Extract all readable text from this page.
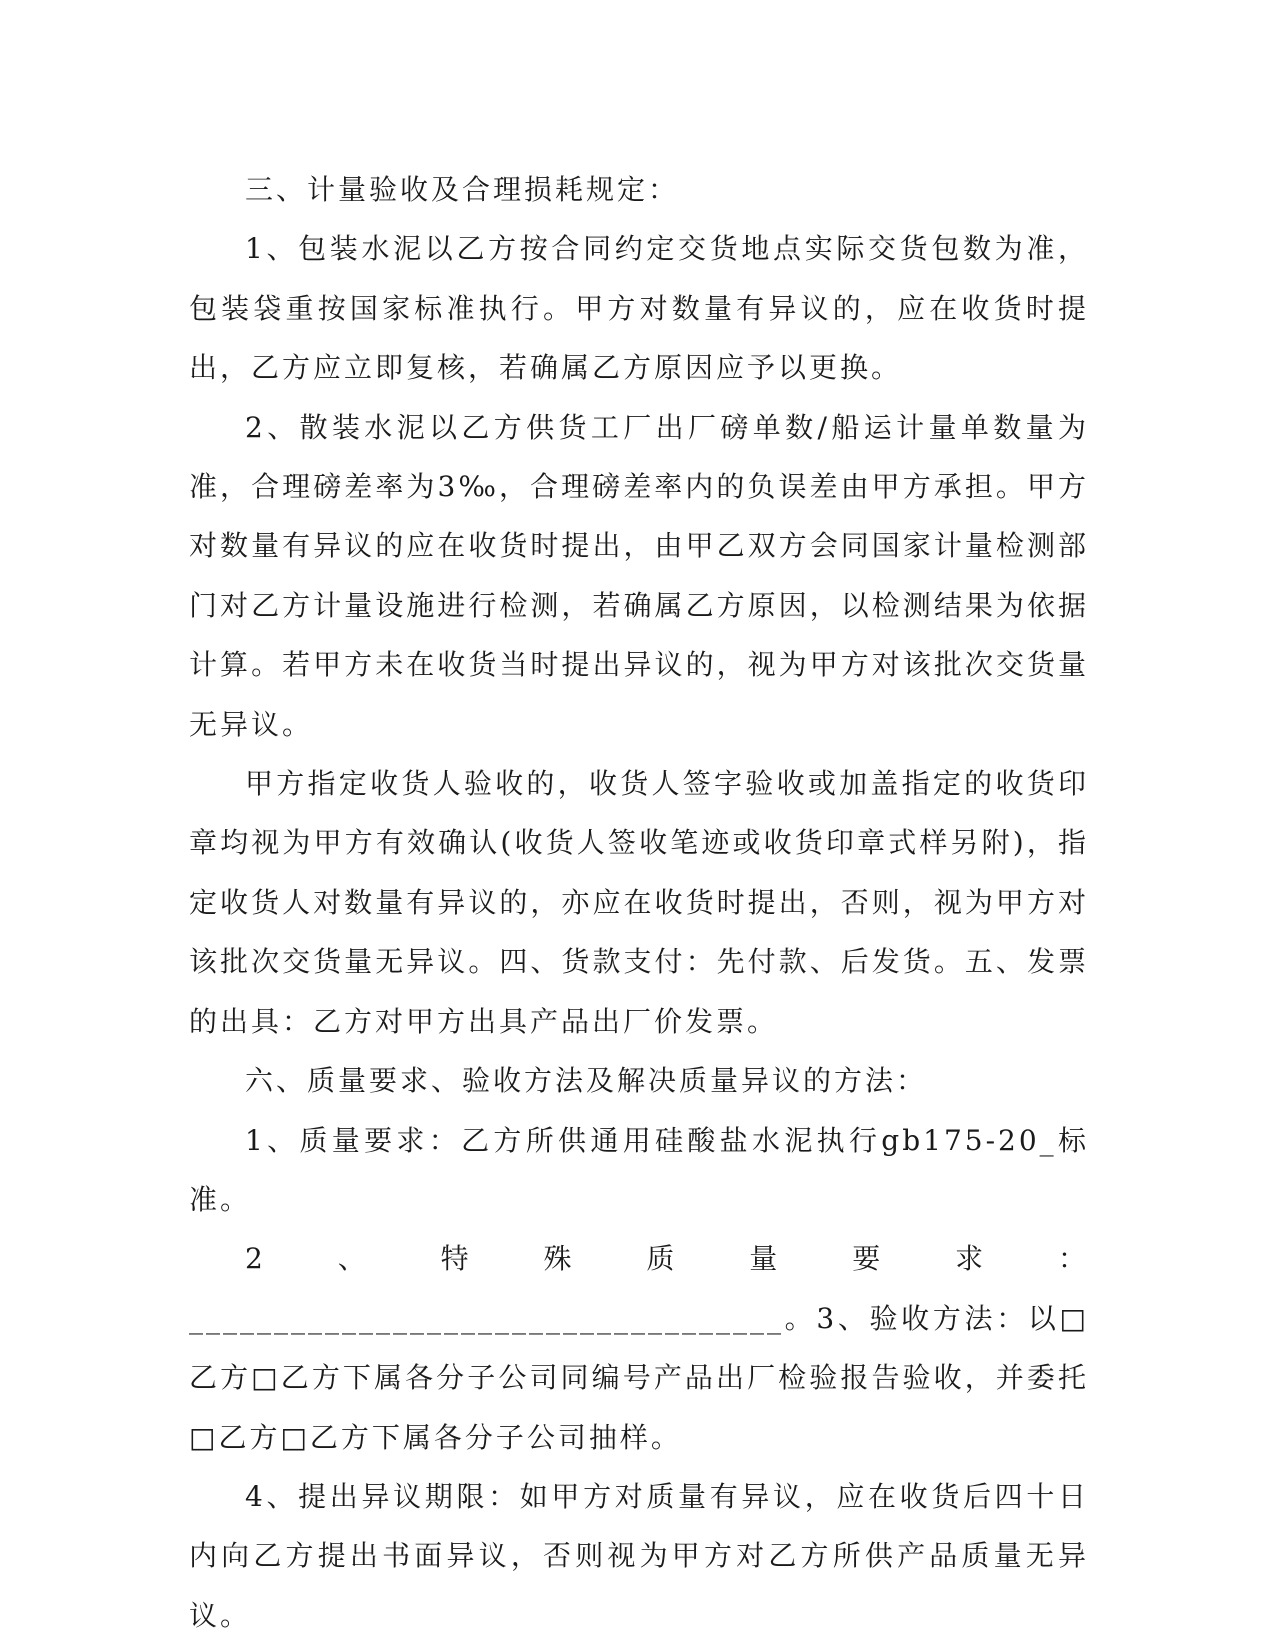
三、计量验收及合理损耗规定：

1、包装水泥以乙方按合同约定交货地点实际交货包数为准，包装袋重按国家标准执行。甲方对数量有异议的，应在收货时提出，乙方应立即复核，若确属乙方原因应予以更换。

2、散装水泥以乙方供货工厂出厂磅单数/船运计量单数量为准，合理磅差率为3‰，合理磅差率内的负误差由甲方承担。甲方对数量有异议的应在收货时提出，由甲乙双方会同国家计量检测部门对乙方计量设施进行检测，若确属乙方原因，以检测结果为依据计算。若甲方未在收货当时提出异议的，视为甲方对该批次交货量无异议。

甲方指定收货人验收的，收货人签字验收或加盖指定的收货印章均视为甲方有效确认(收货人签收笔迹或收货印章式样另附)，指定收货人对数量有异议的，亦应在收货时提出，否则，视为甲方对该批次交货量无异议。四、货款支付：先付款、后发货。五、发票的出具：乙方对甲方出具产品出厂价发票。

六、质量要求、验收方法及解决质量异议的方法：

1、质量要求：乙方所供通用硅酸盐水泥执行gb175-20_标准。

2、特殊质量要求：___________________________________。3、验收方法：以□乙方□乙方下属各分子公司同编号产品出厂检验报告验收，并委托□乙方□乙方下属各分子公司抽样。

4、提出异议期限：如甲方对质量有异议，应在收货后四十日内向乙方提出书面异议，否则视为甲方对乙方所供产品质量无异议。
